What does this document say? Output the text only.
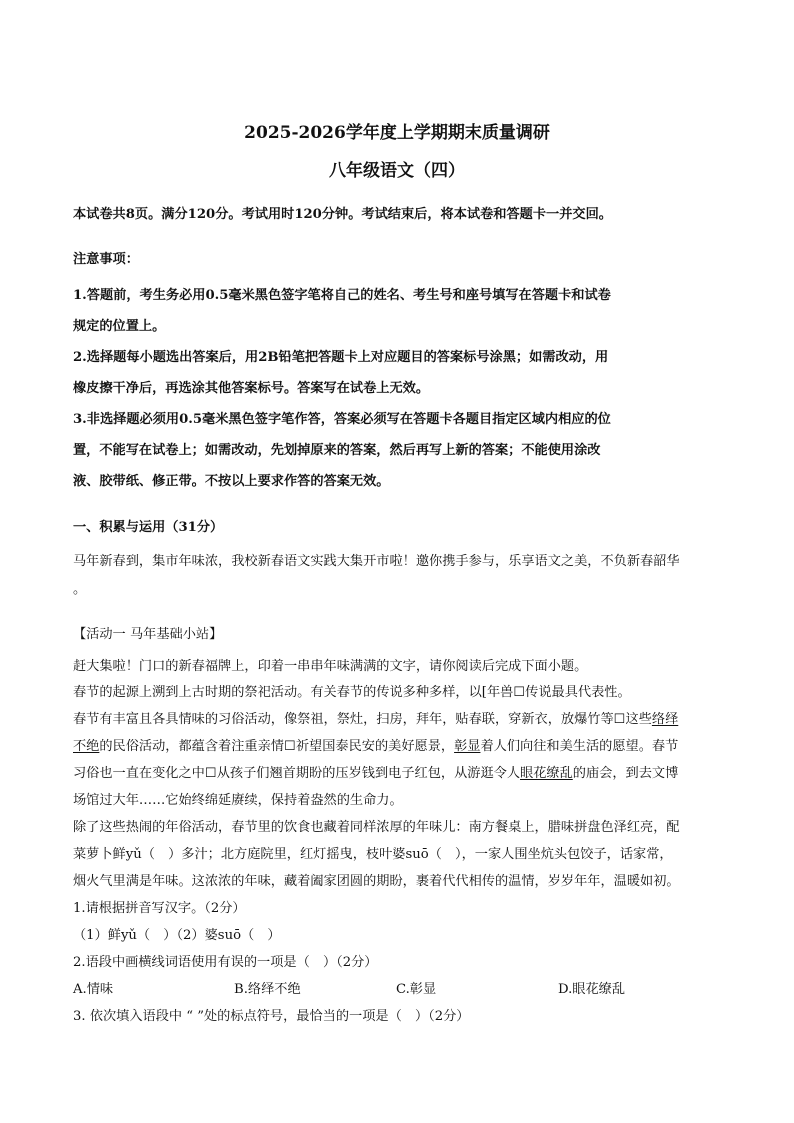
2025-2026学年度上学期期末质量调研
八年级语文（四）
本试卷共8页。满分120分。考试用时120分钟。考试结束后，将本试卷和答题卡一并交回。
注意事项：
1.答题前，考生务必用0.5毫米黑色签字笔将自己的姓名、考生号和座号填写在答题卡和试卷
规定的位置上。
2.选择题每小题选出答案后，用2B铅笔把答题卡上对应题目的答案标号涂黑；如需改动，用
橡皮擦干净后，再选涂其他答案标号。答案写在试卷上无效。
3.非选择题必须用0.5毫米黑色签字笔作答，答案必须写在答题卡各题目指定区域内相应的位
置，不能写在试卷上；如需改动，先划掉原来的答案，然后再写上新的答案；不能使用涂改
液、胶带纸、修正带。不按以上要求作答的答案无效。
一、积累与运用（31分）
马年新春到，集市年味浓，我校新春语文实践大集开市啦！邀你携手参与，乐享语文之美，不负新春韶华
。
【活动一 马年基础小站】
赶大集啦！门口的新春福牌上，印着一串串年味满满的文字，请你阅读后完成下面小题。
春节的起源上溯到上古时期的祭祀活动。有关春节的传说多种多样，以[年兽☐传说最具代表性。
春节有丰富且各具情味的习俗活动，像祭祖，祭灶，扫房，拜年，贴春联，穿新衣，放爆竹等☐这些络绎
不绝的民俗活动，都蕴含着注重亲情☐祈望国泰民安的美好愿景，彰显着人们向往和美生活的愿望。春节
习俗也一直在变化之中☐从孩子们翘首期盼的压岁钱到电子红包，从游逛令人眼花缭乱的庙会，到去文博
场馆过大年……它始终绵延赓续，保持着盎然的生命力。
除了这些热闹的年俗活动，春节里的饮食也藏着同样浓厚的年味儿：南方餐桌上，腊味拼盘色泽红亮，配
菜萝卜鲜yǔ（　）多汁；北方庭院里，红灯摇曳，枝叶婆suō（　），一家人围坐炕头包饺子，话家常，
烟火气里满是年味。这浓浓的年味，藏着阖家团圆的期盼，裹着代代相传的温情，岁岁年年，温暖如初。
1.请根据拼音写汉字。（2分）
（1）鲜yǔ（　）（2）婆suō（　）
2.语段中画横线词语使用有误的一项是（　）（2分）
A.情味	B.络绎不绝	C.彰显	D.眼花缭乱
3. 依次填入语段中 “ ”处的标点符号，最恰当的一项是（　）（2分）
